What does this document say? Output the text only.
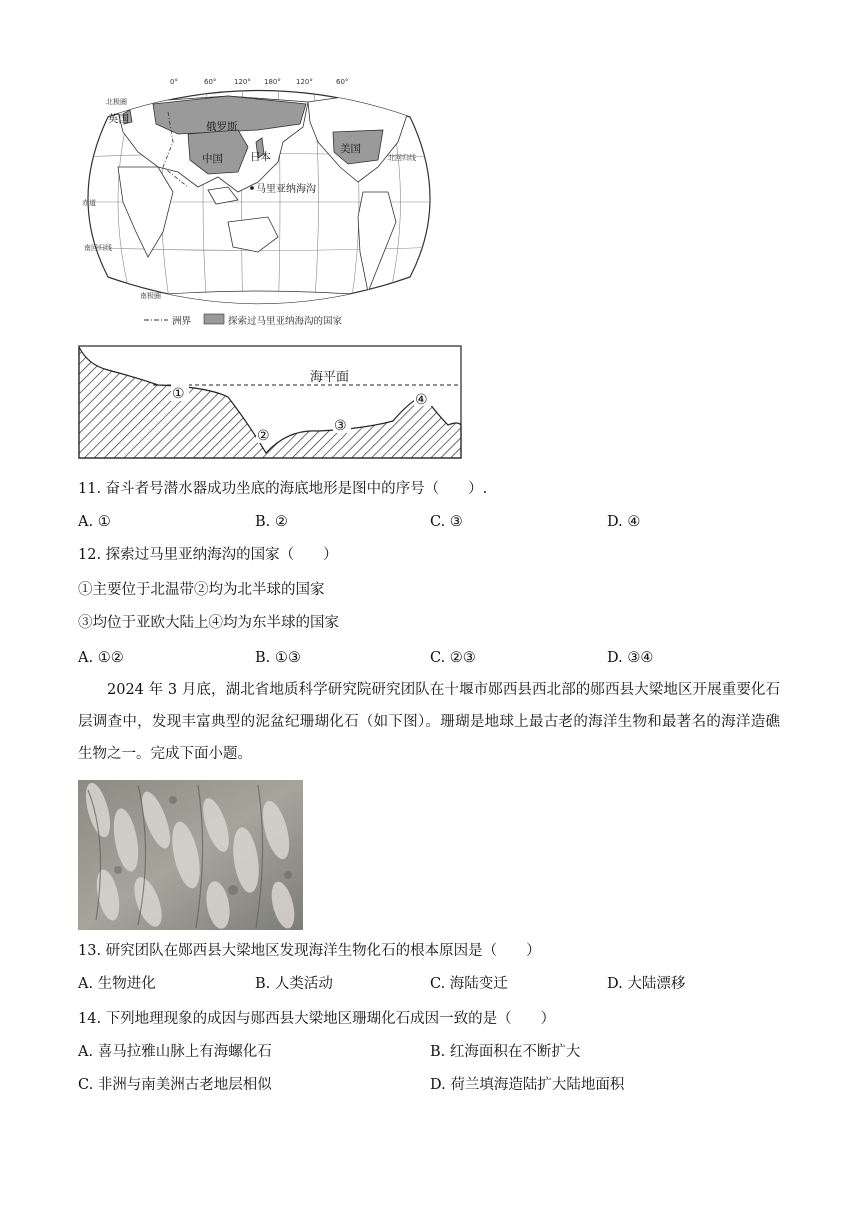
0°	60°	120° 180° 120°	60°
北极圈
北回归线
赤道
南回归线
南极圈
英国
俄罗斯
中国	日本
美国
马里亚纳海沟
洲界	探索过马里亚纳海沟的国家
海平面
①
②
③
④
11. 奋斗者号潜水器成功坐底的海底地形是图中的序号（　　）.
A. ①	B. ②	C. ③	D. ④
12. 探索过马里亚纳海沟的国家（　　）
①主要位于北温带②均为北半球的国家
③均位于亚欧大陆上④均为东半球的国家
A. ①②	B. ①③	C. ②③	D. ③④
2024 年 3 月底，湖北省地质科学研究院研究团队在十堰市郧西县西北部的郧西县大梁地区开展重要化石层调查中，发现丰富典型的泥盆纪珊瑚化石（如下图）。珊瑚是地球上最古老的海洋生物和最著名的海洋造礁生物之一。完成下面小题。
13. 研究团队在郧西县大梁地区发现海洋生物化石的根本原因是（　　）
A. 生物进化	B. 人类活动	C. 海陆变迁	D. 大陆漂移
14. 下列地理现象的成因与郧西县大梁地区珊瑚化石成因一致的是（　　）
A. 喜马拉雅山脉上有海螺化石	B. 红海面积在不断扩大
C. 非洲与南美洲古老地层相似	D. 荷兰填海造陆扩大陆地面积
